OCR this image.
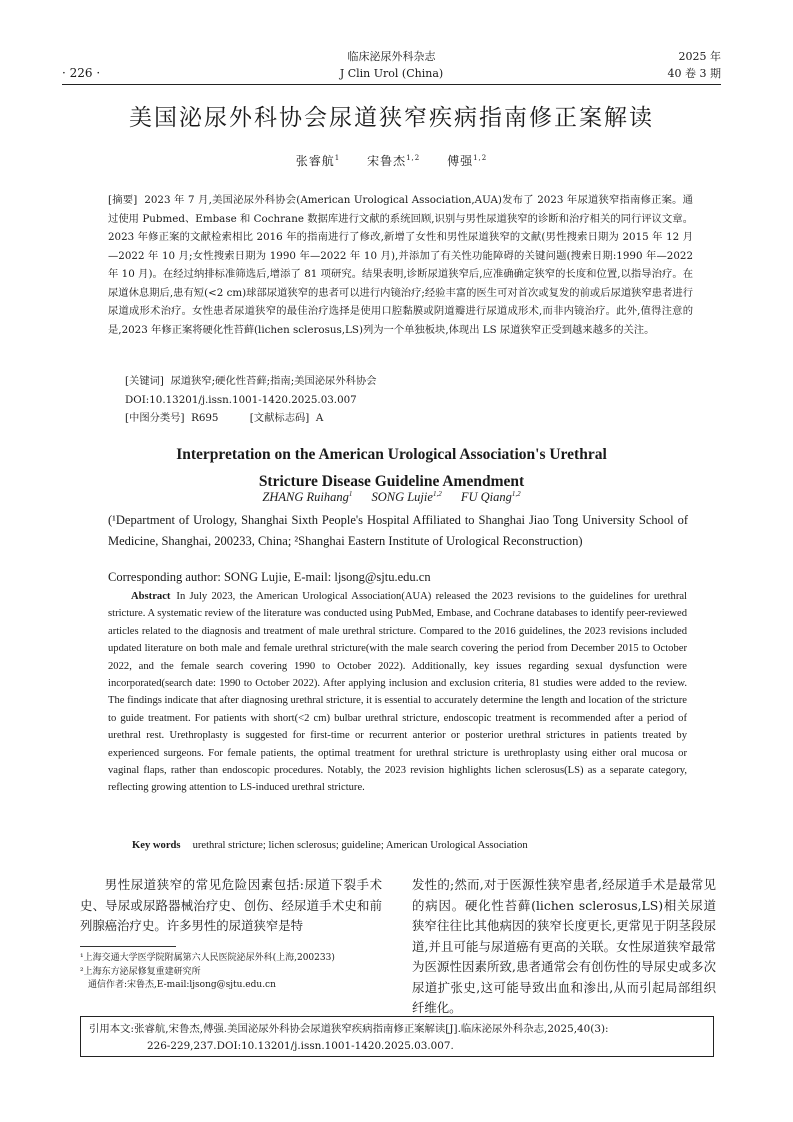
· 226 ·
临床泌尿外科杂志
J Clin Urol (China)
2025 年
40 卷 3 期
美国泌尿外科协会尿道狭窄疾病指南修正案解读
张睿航$^1$ 宋鲁杰$^{1,2}$ 傅强$^{1,2}$
[摘要] 2023 年 7 月,美国泌尿外科协会(American Urological Association,AUA)发布了 2023 年尿道狭窄指南修正案。通过使用 Pubmed、Embase 和 Cochrane 数据库进行文献的系统回顾,识别与男性尿道狭窄的诊断和治疗相关的同行评议文章。2023 年修正案的文献检索相比 2016 年的指南进行了修改,新增了女性和男性尿道狭窄的文献(男性搜索日期为 2015 年 12 月—2022 年 10 月;女性搜索日期为 1990 年—2022 年 10 月),并添加了有关性功能障碍的关键问题(搜索日期:1990 年—2022 年 10 月)。在经过纳排标准筛选后,增添了 81 项研究。结果表明,诊断尿道狭窄后,应准确确定狭窄的长度和位置,以指导治疗。在尿道休息期后,患有短(<2 cm)球部尿道狭窄的患者可以进行内镜治疗;经验丰富的医生可对首次或复发的前或后尿道狭窄患者进行尿道成形术治疗。女性患者尿道狭窄的最佳治疗选择是使用口腔黏膜或阴道瓣进行尿道成形术,而非内镜治疗。此外,值得注意的是,2023 年修正案将硬化性苔藓(lichen sclerosus,LS)列为一个单独板块,体现出 LS 尿道狭窄正受到越来越多的关注。
[关键词] 尿道狭窄;硬化性苔藓;指南;美国泌尿外科协会
DOI:10.13201/j.issn.1001-1420.2025.03.007
[中图分类号] R695	[文献标志码] A
Interpretation on the American Urological Association's Urethral
Stricture Disease Guideline Amendment
ZHANG Ruihang$^1$ SONG Lujie$^{1,2}$ FU Qiang$^{1,2}$
(¹Department of Urology, Shanghai Sixth People's Hospital Affiliated to Shanghai Jiao Tong University School of Medicine, Shanghai, 200233, China; ²Shanghai Eastern Institute of Urological Reconstruction)
Corresponding author: SONG Lujie, E-mail: ljsong@sjtu.edu.cn
Abstract In July 2023, the American Urological Association(AUA) released the 2023 revisions to the guidelines for urethral stricture. A systematic review of the literature was conducted using PubMed, Embase, and Cochrane databases to identify peer-reviewed articles related to the diagnosis and treatment of male urethral stricture. Compared to the 2016 guidelines, the 2023 revisions included updated literature on both male and female urethral stricture(with the male search covering the period from December 2015 to October 2022, and the female search covering 1990 to October 2022). Additionally, key issues regarding sexual dysfunction were incorporated(search date: 1990 to October 2022). After applying inclusion and exclusion criteria, 81 studies were added to the review. The findings indicate that after diagnosing urethral stricture, it is essential to accurately determine the length and location of the stricture to guide treatment. For patients with short(<2 cm) bulbar urethral stricture, endoscopic treatment is recommended after a period of urethral rest. Urethroplasty is suggested for first-time or recurrent anterior or posterior urethral strictures in patients treated by experienced surgeons. For female patients, the optimal treatment for urethral stricture is urethroplasty using either oral mucosa or vaginal flaps, rather than endoscopic procedures. Notably, the 2023 revision highlights lichen sclerosus(LS) as a separate category, reflecting growing attention to LS-induced urethral stricture.
Key words urethral stricture; lichen sclerosus; guideline; American Urological Association
男性尿道狭窄的常见危险因素包括:尿道下裂手术史、导尿或尿路器械治疗史、创伤、经尿道手术史和前列腺癌治疗史。许多男性的尿道狭窄是特
发性的;然而,对于医源性狭窄患者,经尿道手术是最常见的病因。硬化性苔藓(lichen sclerosus,LS)相关尿道狭窄往往比其他病因的狭窄长度更长,更常见于阴茎段尿道,并且可能与尿道癌有更高的关联。女性尿道狭窄最常为医源性因素所致,患者通常会有创伤性的导尿史或多次尿道扩张史,这可能导致出血和渗出,从而引起局部组织纤维化。
¹上海交通大学医学院附属第六人民医院泌尿外科(上海,200233)
²上海东方泌尿修复重建研究所
通信作者:宋鲁杰,E-mail:ljsong@sjtu.edu.cn
引用本文:张睿航,宋鲁杰,傅强.美国泌尿外科协会尿道狭窄疾病指南修正案解读[J].临床泌尿外科杂志,2025,40(3):
226-229,237.DOI:10.13201/j.issn.1001-1420.2025.03.007.
